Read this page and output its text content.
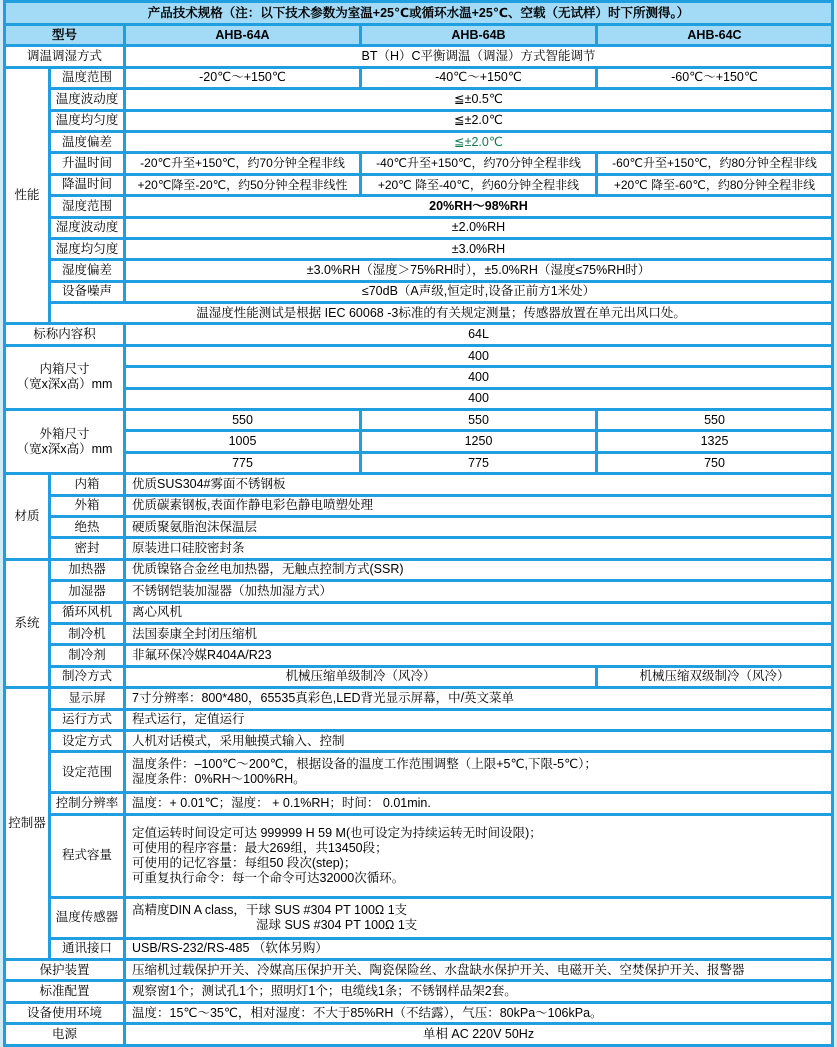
产品技术规格（注：以下技术参数为室温+25℃或循环水温+25℃、空载（无试样）时下所测得。）				
型号		AHB-64A	AHB-64B	AHB-64C
调温调湿方式		BT（H）C平衡调温（调湿）方式智能调节		
性能	温度范围	-20℃～+150℃	-40℃～+150℃	-60℃～+150℃
	温度波动度	≦±0.5℃		
	温度均匀度	≦±2.0℃		
	温度偏差	≦±2.0℃		
	升温时间	-20℃升至+150℃，约70分钟全程非线	-40℃升至+150℃，约70分钟全程非线	-60℃升至+150℃，约80分钟全程非线
	降温时间	+20℃降至-20℃，约50分钟全程非线性	+20℃ 降至-40℃，约60分钟全程非线	+20℃ 降至-60℃，约80分钟全程非线
	湿度范围	20%RH～98%RH		
	湿度波动度	±2.0%RH		
	湿度均匀度	±3.0%RH		
	湿度偏差	±3.0%RH（湿度＞75%RH时），±5.0%RH（湿度≤75%RH时）		
	设备噪声	≤70dB（A声级,恒定时,设备正前方1米处）		
	温湿度性能测试是根据 IEC 60068 -3标准的有关规定测量；传感器放置在单元出风口处。			
标称内容积		64L		

内箱尺寸
（宽x深x高）mm		400		
		400		
		400		

外箱尺寸
（宽x深x高）mm		550	550	550
		1005	1250	1325
		775	775	750
材质	内箱	优质SUS304#雾面不锈钢板		
	外箱	优质碳素钢板,表面作静电彩色静电喷塑处理		
	绝热	硬质聚氨脂泡沫保温层		
	密封	原装进口硅胶密封条		
系统	加热器	优质镍铬合金丝电加热器，无触点控制方式(SSR)		
	加湿器	不锈钢铠装加湿器（加热加湿方式）		
	循环风机	离心风机		
	制冷机	法国泰康全封闭压缩机		
	制冷剂	非氟环保冷媒R404A/R23		
	制冷方式	机械压缩单级制冷（风冷）		机械压缩双级制冷（风冷）
控制器	显示屏	7寸分辨率：800*480，65535真彩色,LED背光显示屏幕，中/英文菜单		
	运行方式	程式运行，定值运行		
	设定方式	人机对话模式，采用触摸式输入、控制		
	设定范围	温度条件：–100℃～200℃，根据设备的温度工作范围调整（上限+5℃,下限-5℃）；
湿度条件：0%RH～100%RH。		

	控制分辨率	温度：+ 0.01℃；湿度： + 0.1%RH；时间： 0.01min.		
	程式容量	定值运转时间设定可达 999999 H 59 M(也可设定为持续运转无时间设限)；
可使用的程序容量：最大269组，共13450段；
可使用的记忆容量：每组50 段次(step)；
可重复执行命令：每一个命令可达32000次循环。		

	温度传感器	高精度DIN A class，干球 SUS #304 PT 100Ω 1支
湿球 SUS #304 PT 100Ω 1支		

	通讯接口	USB/RS-232/RS-485 （软体另购）		
保护装置		压缩机过载保护开关、冷媒高压保护开关、陶瓷保险丝、水盘缺水保护开关、电磁开关、空焚保护开关、报警器		
标准配置		观察窗1个；测试孔1个；照明灯1个；电缆线1条；不锈钢样品架2套。		
设备使用环境		温度：15℃～35℃，相对湿度：不大于85%RH（不结露），气压：80kPa～106kPa。		
电源		单相 AC 220V 50Hz		
